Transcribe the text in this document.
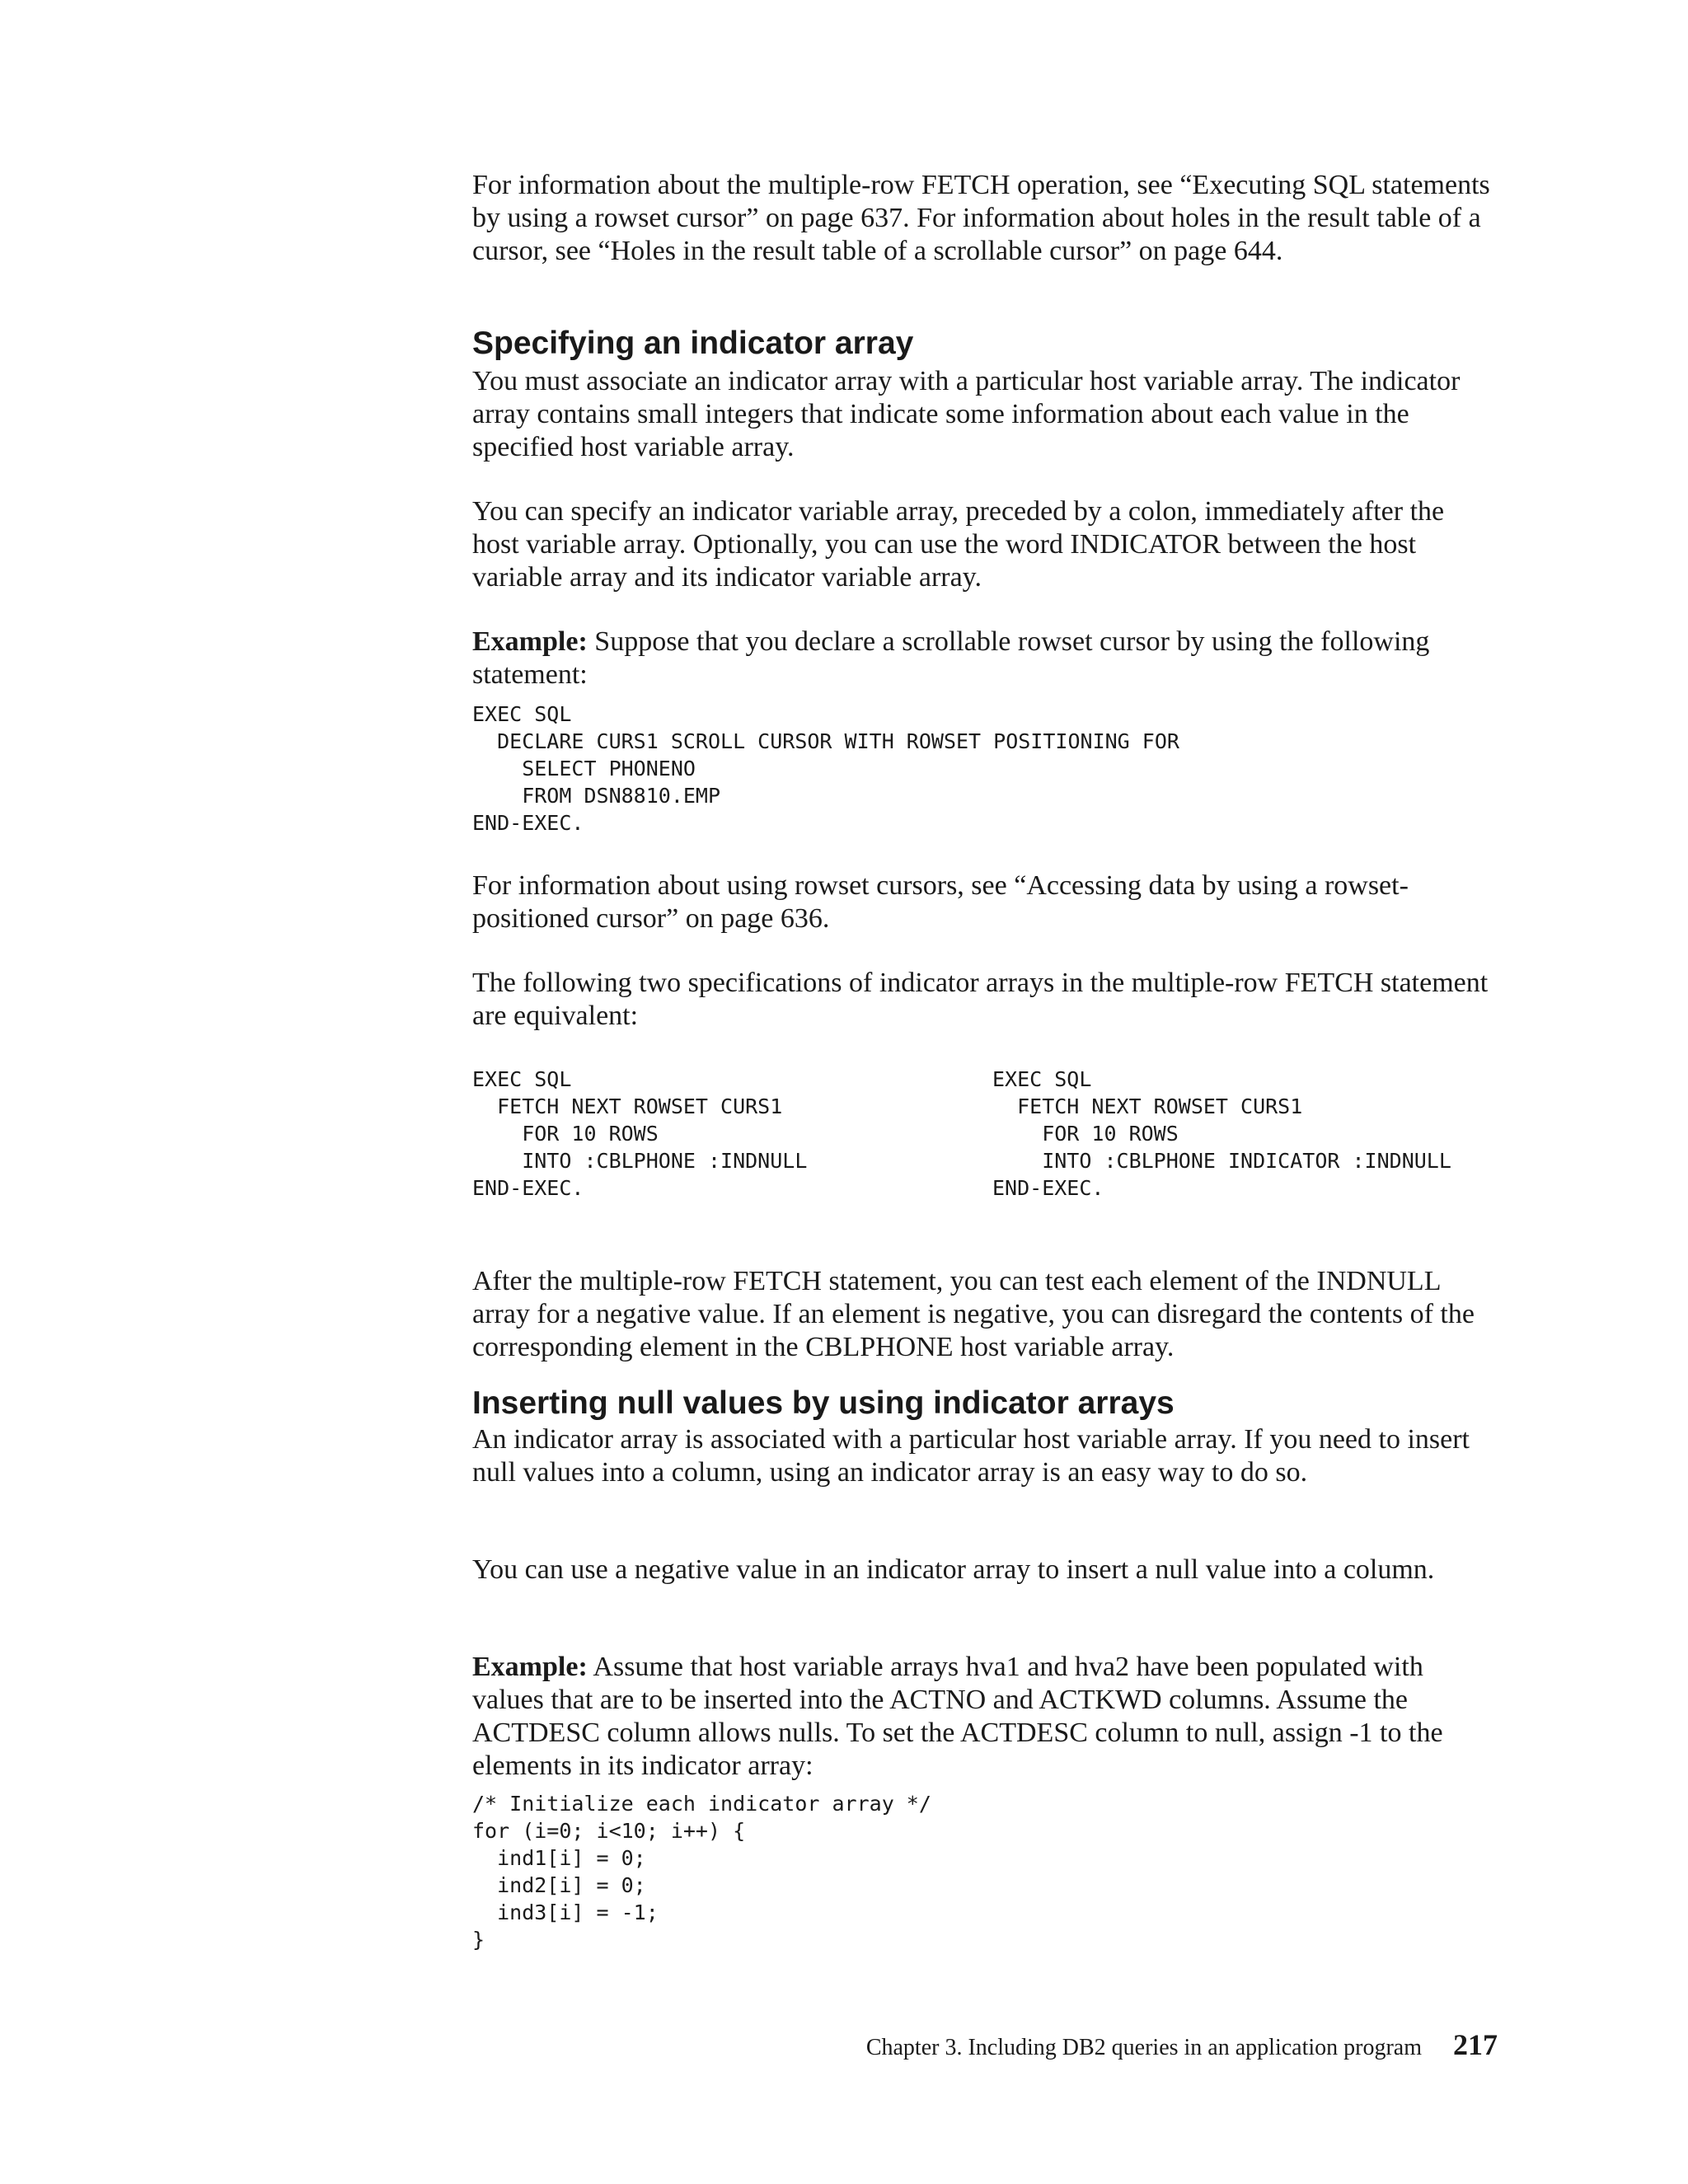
For information about the multiple-row FETCH operation, see “Executing SQL statements by using a rowset cursor” on page 637. For information about holes in the result table of a cursor, see “Holes in the result table of a scrollable cursor” on page 644.

Specifying an indicator array

You must associate an indicator array with a particular host variable array. The indicator array contains small integers that indicate some information about each value in the specified host variable array.

You can specify an indicator variable array, preceded by a colon, immediately after the host variable array. Optionally, you can use the word INDICATOR between the host variable array and its indicator variable array.

Example: Suppose that you declare a scrollable rowset cursor by using the following statement:

EXEC SQL
DECLARE CURS1 SCROLL CURSOR WITH ROWSET POSITIONING FOR
SELECT PHONENO
FROM DSN8810.EMP
END-EXEC.

For information about using rowset cursors, see “Accessing data by using a rowset-positioned cursor” on page 636.

The following two specifications of indicator arrays in the multiple-row FETCH statement are equivalent:

EXEC SQL
FETCH NEXT ROWSET CURS1
FOR 10 ROWS
INTO :CBLPHONE :INDNULL
END-EXEC.
EXEC SQL
FETCH NEXT ROWSET CURS1
FOR 10 ROWS
INTO :CBLPHONE INDICATOR :INDNULL
END-EXEC.

After the multiple-row FETCH statement, you can test each element of the INDNULL array for a negative value. If an element is negative, you can disregard the contents of the corresponding element in the CBLPHONE host variable array.

Inserting null values by using indicator arrays

An indicator array is associated with a particular host variable array. If you need to insert null values into a column, using an indicator array is an easy way to do so.

You can use a negative value in an indicator array to insert a null value into a column.

Example: Assume that host variable arrays hva1 and hva2 have been populated with values that are to be inserted into the ACTNO and ACTKWD columns. Assume the ACTDESC column allows nulls. To set the ACTDESC column to null, assign -1 to the elements in its indicator array:

/* Initialize each indicator array */
for (i=0; i<10; i++) {
ind1[i] = 0;
ind2[i] = 0;
ind3[i] = -1;
}
Chapter 3. Including DB2 queries in an application program 217
